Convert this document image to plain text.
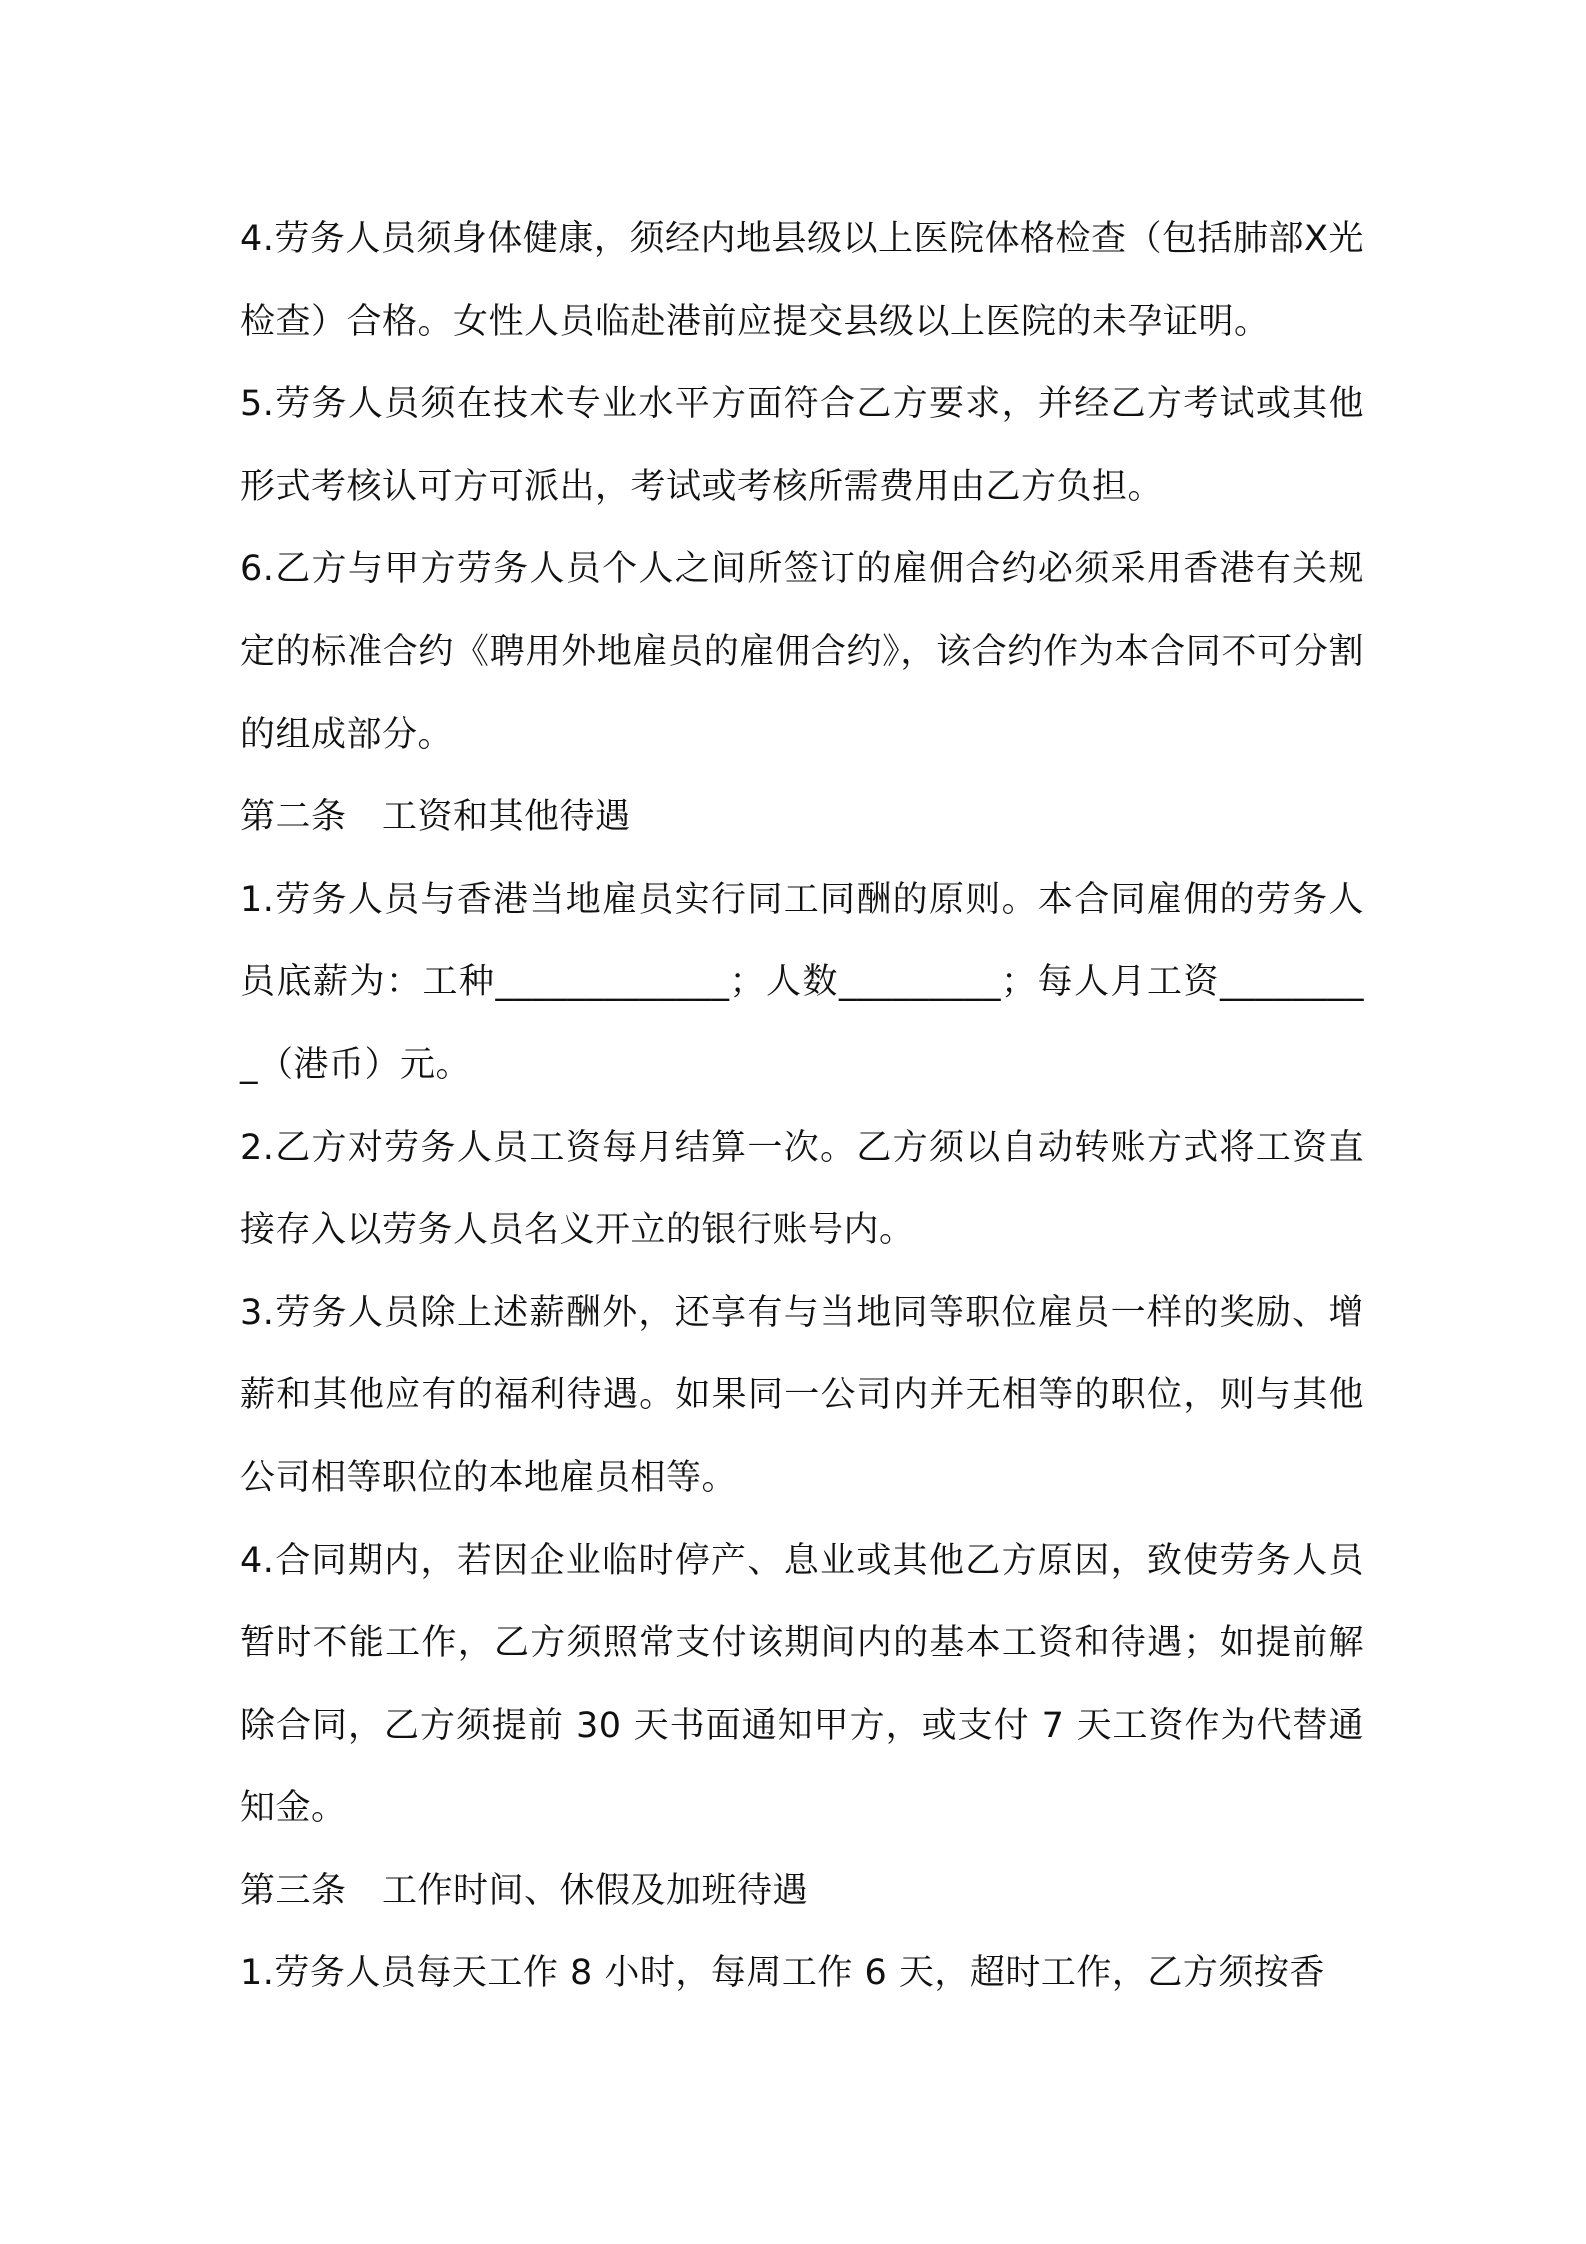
4.劳务人员须身体健康，须经内地县级以上医院体格检查（包括肺部X光检查）合格。女性人员临赴港前应提交县级以上医院的未孕证明。

5.劳务人员须在技术专业水平方面符合乙方要求，并经乙方考试或其他形式考核认可方可派出，考试或考核所需费用由乙方负担。

6.乙方与甲方劳务人员个人之间所签订的雇佣合约必须采用香港有关规定的标准合约《聘用外地雇员的雇佣合约》，该合约作为本合同不可分割的组成部分。

第二条　工资和其他待遇

1.劳务人员与香港当地雇员实行同工同酬的原则。本合同雇佣的劳务人员底薪为：工种_____________；人数_________；每人月工资_________（港币）元。

2.乙方对劳务人员工资每月结算一次。乙方须以自动转账方式将工资直接存入以劳务人员名义开立的银行账号内。

3.劳务人员除上述薪酬外，还享有与当地同等职位雇员一样的奖励、增薪和其他应有的福利待遇。如果同一公司内并无相等的职位，则与其他公司相等职位的本地雇员相等。

4.合同期内，若因企业临时停产、息业或其他乙方原因，致使劳务人员暂时不能工作，乙方须照常支付该期间内的基本工资和待遇；如提前解除合同，乙方须提前 30 天书面通知甲方，或支付 7 天工资作为代替通知金。

第三条　工作时间、休假及加班待遇

1.劳务人员每天工作 8 小时，每周工作 6 天，超时工作，乙方须按香
